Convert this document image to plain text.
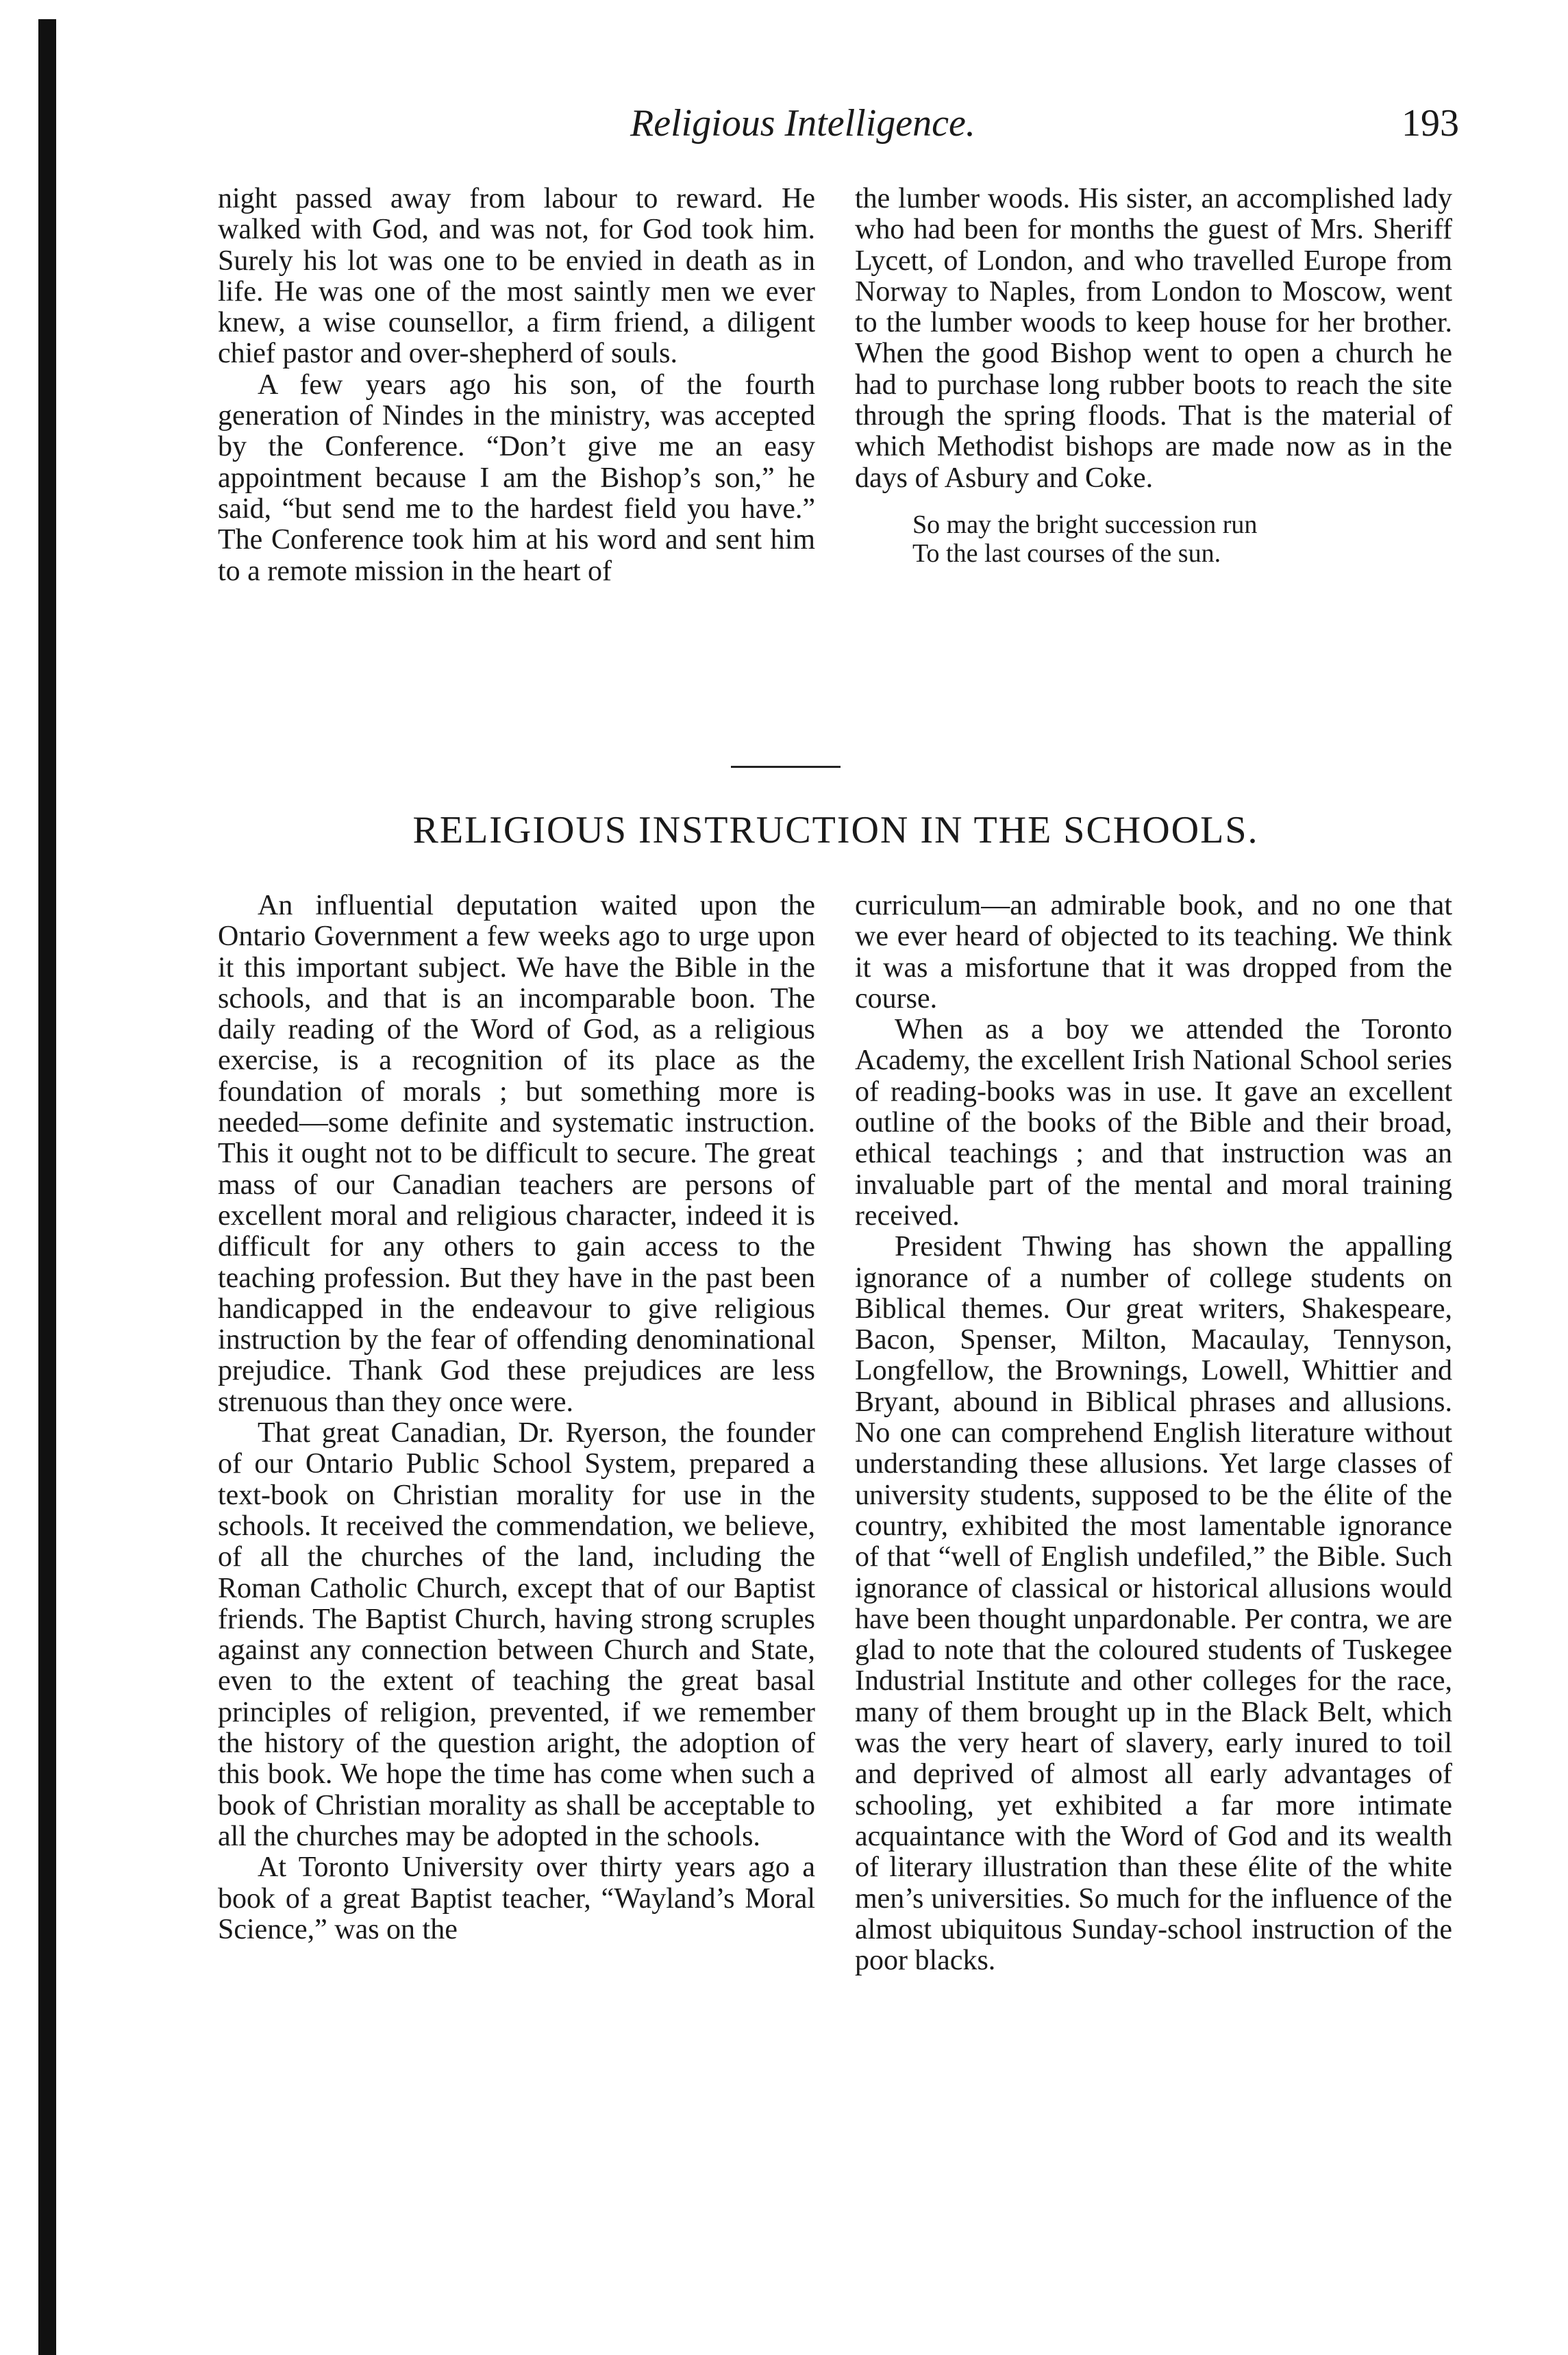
Religious Intelligence.	193

night passed away from labour to reward. He walked with God, and was not, for God took him. Surely his lot was one to be envied in death as in life. He was one of the most saintly men we ever knew, a wise counsellor, a firm friend, a diligent chief pastor and over-shepherd of souls.

A few years ago his son, of the fourth generation of Nindes in the ministry, was accepted by the Conference. “Don’t give me an easy appointment because I am the Bishop’s son,” he said, “but send me to the hardest field you have.” The Conference took him at his word and sent him to a remote mission in the heart of

the lumber woods. His sister, an accomplished lady who had been for months the guest of Mrs. Sheriff Lycett, of London, and who travelled Europe from Norway to Naples, from London to Moscow, went to the lumber woods to keep house for her brother. When the good Bishop went to open a church he had to purchase long rubber boots to reach the site through the spring floods. That is the material of which Methodist bishops are made now as in the days of Asbury and Coke.

So may the bright succession run
To the last courses of the sun.

RELIGIOUS INSTRUCTION IN THE SCHOOLS.

An influential deputation waited upon the Ontario Government a few weeks ago to urge upon it this important subject. We have the Bible in the schools, and that is an incomparable boon. The daily reading of the Word of God, as a religious exercise, is a recognition of its place as the foundation of morals ; but something more is needed—some definite and systematic instruction. This it ought not to be difficult to secure. The great mass of our Canadian teachers are persons of excellent moral and religious character, indeed it is difficult for any others to gain access to the teaching profession. But they have in the past been handicapped in the endeavour to give religious instruction by the fear of offending denominational prejudice. Thank God these prejudices are less strenuous than they once were.

That great Canadian, Dr. Ryerson, the founder of our Ontario Public School System, prepared a text-book on Christian morality for use in the schools. It received the commendation, we believe, of all the churches of the land, including the Roman Catholic Church, except that of our Baptist friends. The Baptist Church, having strong scruples against any connection between Church and State, even to the extent of teaching the great basal principles of religion, prevented, if we remember the history of the question aright, the adoption of this book. We hope the time has come when such a book of Christian morality as shall be acceptable to all the churches may be adopted in the schools.

At Toronto University over thirty years ago a book of a great Baptist teacher, “Wayland’s Moral Science,” was on the

curriculum—an admirable book, and no one that we ever heard of objected to its teaching. We think it was a misfortune that it was dropped from the course.

When as a boy we attended the Toronto Academy, the excellent Irish National School series of reading-books was in use. It gave an excellent outline of the books of the Bible and their broad, ethical teachings ; and that instruction was an invaluable part of the mental and moral training received.

President Thwing has shown the appalling ignorance of a number of college students on Biblical themes. Our great writers, Shakespeare, Bacon, Spenser, Milton, Macaulay, Tennyson, Longfellow, the Brownings, Lowell, Whittier and Bryant, abound in Biblical phrases and allusions. No one can comprehend English literature without understanding these allusions. Yet large classes of university students, supposed to be the élite of the country, exhibited the most lamentable ignorance of that “well of English undefiled,” the Bible. Such ignorance of classical or historical allusions would have been thought unpardonable. Per contra, we are glad to note that the coloured students of Tuskegee Industrial Institute and other colleges for the race, many of them brought up in the Black Belt, which was the very heart of slavery, early inured to toil and deprived of almost all early advantages of schooling, yet exhibited a far more intimate acquaintance with the Word of God and its wealth of literary illustration than these élite of the white men’s universities. So much for the influence of the almost ubiquitous Sunday-school instruction of the poor blacks.
